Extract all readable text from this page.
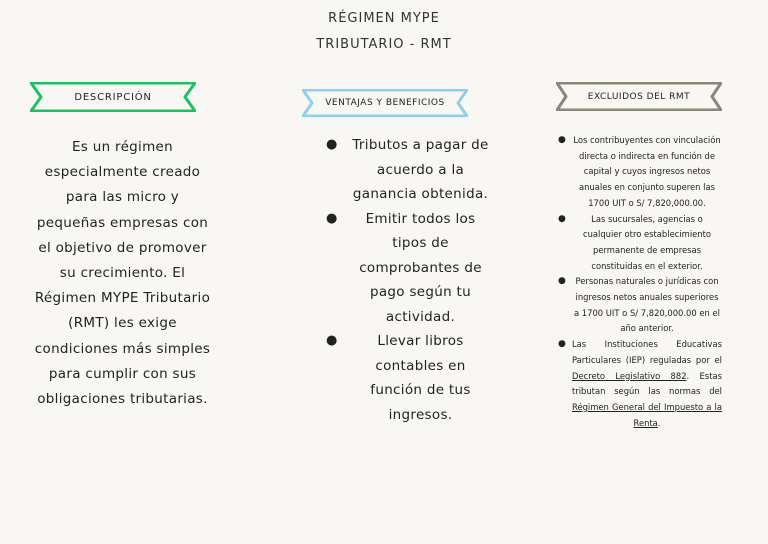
RÉGIMEN MYPE
TRIBUTARIO - RMT
DESCRIPCIÓN
VENTAJAS Y BENEFICIOS
EXCLUIDOS DEL RMT
Es un régimen especialmente creado para las micro y pequeñas empresas con el objetivo de promover su crecimiento. El Régimen MYPE Tributario (RMT) les exige condiciones más simples para cumplir con sus obligaciones tributarias.
● Tributos a pagar de acuerdo a la ganancia obtenida.
● Emitir todos los tipos de comprobantes de pago según tu actividad.
●	Llevar libros contables en función de tus ingresos.
● Los contribuyentes con vinculación directa o indirecta en función de capital y cuyos ingresos netos anuales en conjunto superen las 1700 UIT o S/ 7,820,000.00.
●	Las sucursales, agencias o cualquier otro establecimiento permanente de empresas constituidas en el exterior.
● Personas naturales o jurídicas con ingresos netos anuales superiores a 1700 UIT o S/ 7,820,000.00 en el año anterior.
● Las Instituciones Educativas Particulares (IEP) reguladas por el Decreto Legislativo 882. Estas tributan según las normas del Régimen General del Impuesto a la Renta.
